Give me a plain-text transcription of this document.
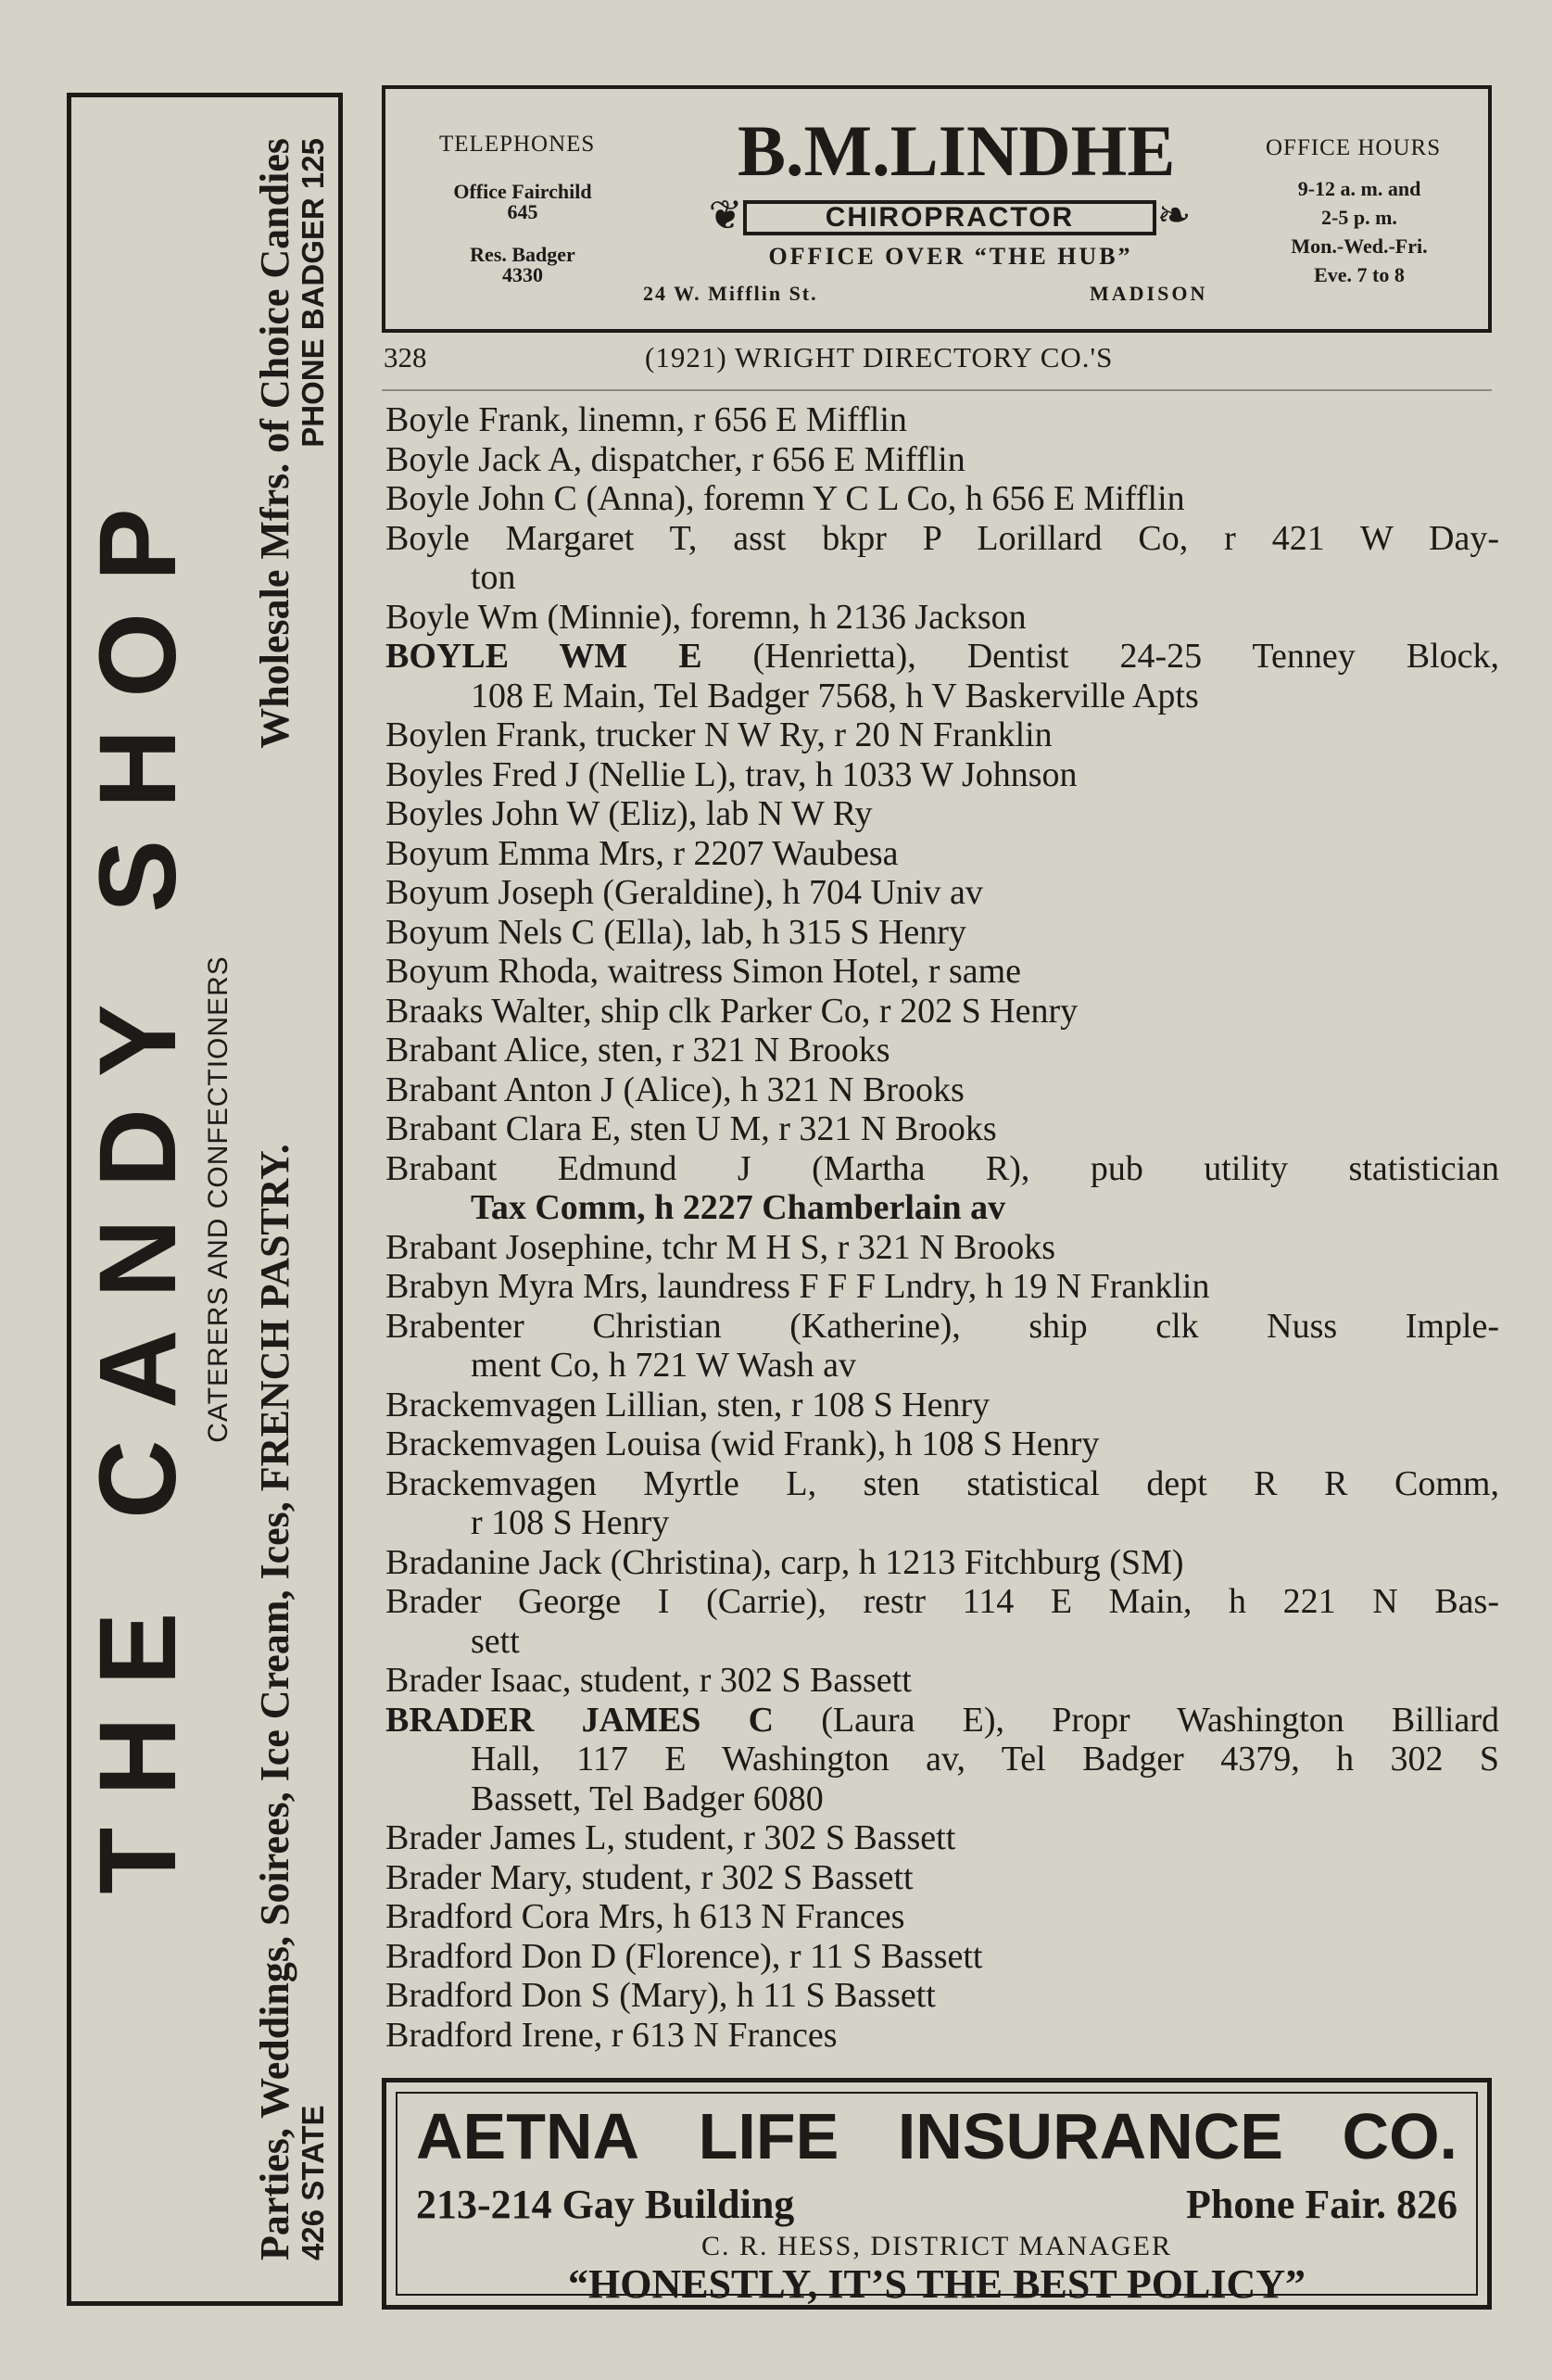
THE CANDY SHOP CATERERS AND CONFECTIONERS Parties, Weddings, Soirees, Ice Cream, Ices, FRENCH PASTRY.
Wholesale Mfrs. of Choice Candies
426 STATE
PHONE BADGER 125	TELEPHONES
Office Fairchild
645
Res. Badger
4330
B.M.LINDHE
❦	CHIROPRACTOR	❧
OFFICE OVER “THE HUB”
24 W. Mifflin St.	MADISON
OFFICE HOURS
9-12 a. m. and
2-5 p. m.
Mon.-Wed.-Fri.
Eve. 7 to 8
328	(1921) WRIGHT DIRECTORY CO.'S
Boyle Frank, linemn, r 656 E Mifflin
Boyle Jack A, dispatcher, r 656 E Mifflin
Boyle John C (Anna), foremn Y C L Co, h 656 E Mifflin
Boyle Margaret T, asst bkpr P Lorillard Co, r 421 W Day-
ton
Boyle Wm (Minnie), foremn, h 2136 Jackson
BOYLE WM E (Henrietta), Dentist 24-25 Tenney Block,
108 E Main, Tel Badger 7568, h V Baskerville Apts
Boylen Frank, trucker N W Ry, r 20 N Franklin
Boyles Fred J (Nellie L), trav, h 1033 W Johnson
Boyles John W (Eliz), lab N W Ry
Boyum Emma Mrs, r 2207 Waubesa
Boyum Joseph (Geraldine), h 704 Univ av
Boyum Nels C (Ella), lab, h 315 S Henry
Boyum Rhoda, waitress Simon Hotel, r same
Braaks Walter, ship clk Parker Co, r 202 S Henry
Brabant Alice, sten, r 321 N Brooks
Brabant Anton J (Alice), h 321 N Brooks
Brabant Clara E, sten U M, r 321 N Brooks
Brabant Edmund J (Martha R), pub utility statistician
Tax Comm, h 2227 Chamberlain av
Brabant Josephine, tchr M H S, r 321 N Brooks
Brabyn Myra Mrs, laundress F F F Lndry, h 19 N Franklin
Brabenter Christian (Katherine), ship clk Nuss Imple-
ment Co, h 721 W Wash av
Brackemvagen Lillian, sten, r 108 S Henry
Brackemvagen Louisa (wid Frank), h 108 S Henry
Brackemvagen Myrtle L, sten statistical dept R R Comm,
r 108 S Henry
Bradanine Jack (Christina), carp, h 1213 Fitchburg (SM)
Brader George I (Carrie), restr 114 E Main, h 221 N Bas-
sett
Brader Isaac, student, r 302 S Bassett
BRADER JAMES C (Laura E), Propr Washington Billiard
Hall, 117 E Washington av, Tel Badger 4379, h 302 S
Bassett, Tel Badger 6080
Brader James L, student, r 302 S Bassett
Brader Mary, student, r 302 S Bassett
Bradford Cora Mrs, h 613 N Frances
Bradford Don D (Florence), r 11 S Bassett
Bradford Don S (Mary), h 11 S Bassett
Bradford Irene, r 613 N Frances
AETNA LIFE INSURANCE CO.
213-214 Gay Building	Phone Fair. 826
C. R. HESS, DISTRICT MANAGER
“HONESTLY, IT’S THE BEST POLICY”
